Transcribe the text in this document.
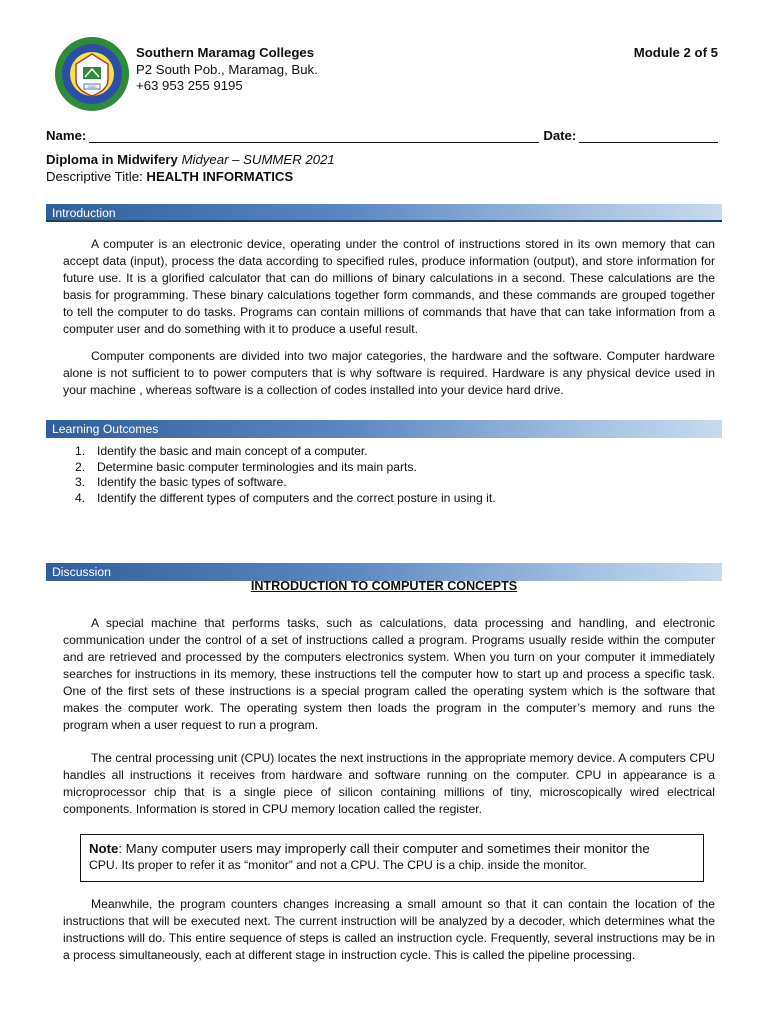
2000
Southern Maramag Colleges
P2 South Pob., Maramag, Buk.
+63 953 255 9195
Module 2 of 5
Name:	Date:
Diploma in Midwifery Midyear – SUMMER 2021
Descriptive Title: HEALTH INFORMATICS
Introduction
A computer is an electronic device, operating under the control of instructions stored in its own memory that can accept data (input), process the data according to specified rules, produce information (output), and store information for future use. It is a glorified calculator that can do millions of binary calculations in a second. These calculations are the basis for programming. These binary calculations together form commands, and these commands are grouped together to tell the computer to do tasks. Programs can contain millions of commands that have that can take information from a computer user and do something with it to produce a useful result.
Computer components are divided into two major categories, the hardware and the software. Computer hardware alone is not sufficient to to power computers that is why software is required. Hardware is any physical device used in your machine , whereas software is a collection of codes installed into your device hard drive.
Learning Outcomes
1. Identify the basic and main concept of a computer.
2. Determine basic computer terminologies and its main parts.
3. Identify the basic types of software.
4. Identify the different types of computers and the correct posture in using it.
Discussion
INTRODUCTION TO COMPUTER CONCEPTS
A special machine that performs tasks, such as calculations, data processing and handling, and electronic communication under the control of a set of instructions called a program. Programs usually reside within the computer and are retrieved and processed by the computers electronics system. When you turn on your computer it immediately searches for instructions in its memory, these instructions tell the computer how to start up and process a specific task. One of the first sets of these instructions is a special program called the operating system which is the software that makes the computer work. The operating system then loads the program in the computer’s memory and runs the program when a user request to run a program.
The central processing unit (CPU) locates the next instructions in the appropriate memory device. A computers CPU handles all instructions it receives from hardware and software running on the computer. CPU in appearance is a microprocessor chip that is a single piece of silicon containing millions of tiny, microscopically wired electrical components. Information is stored in CPU memory location called the register.
Note: Many computer users may improperly call their computer and sometimes their monitor the
CPU. Its proper to refer it as “monitor” and not a CPU. The CPU is a chip. inside the monitor.
Meanwhile, the program counters changes increasing a small amount so that it can contain the location of the instructions that will be executed next. The current instruction will be analyzed by a decoder, which determines what the instructions will do. This entire sequence of steps is called an instruction cycle. Frequently, several instructions may be in a process simultaneously, each at different stage in instruction cycle. This is called the pipeline processing.
